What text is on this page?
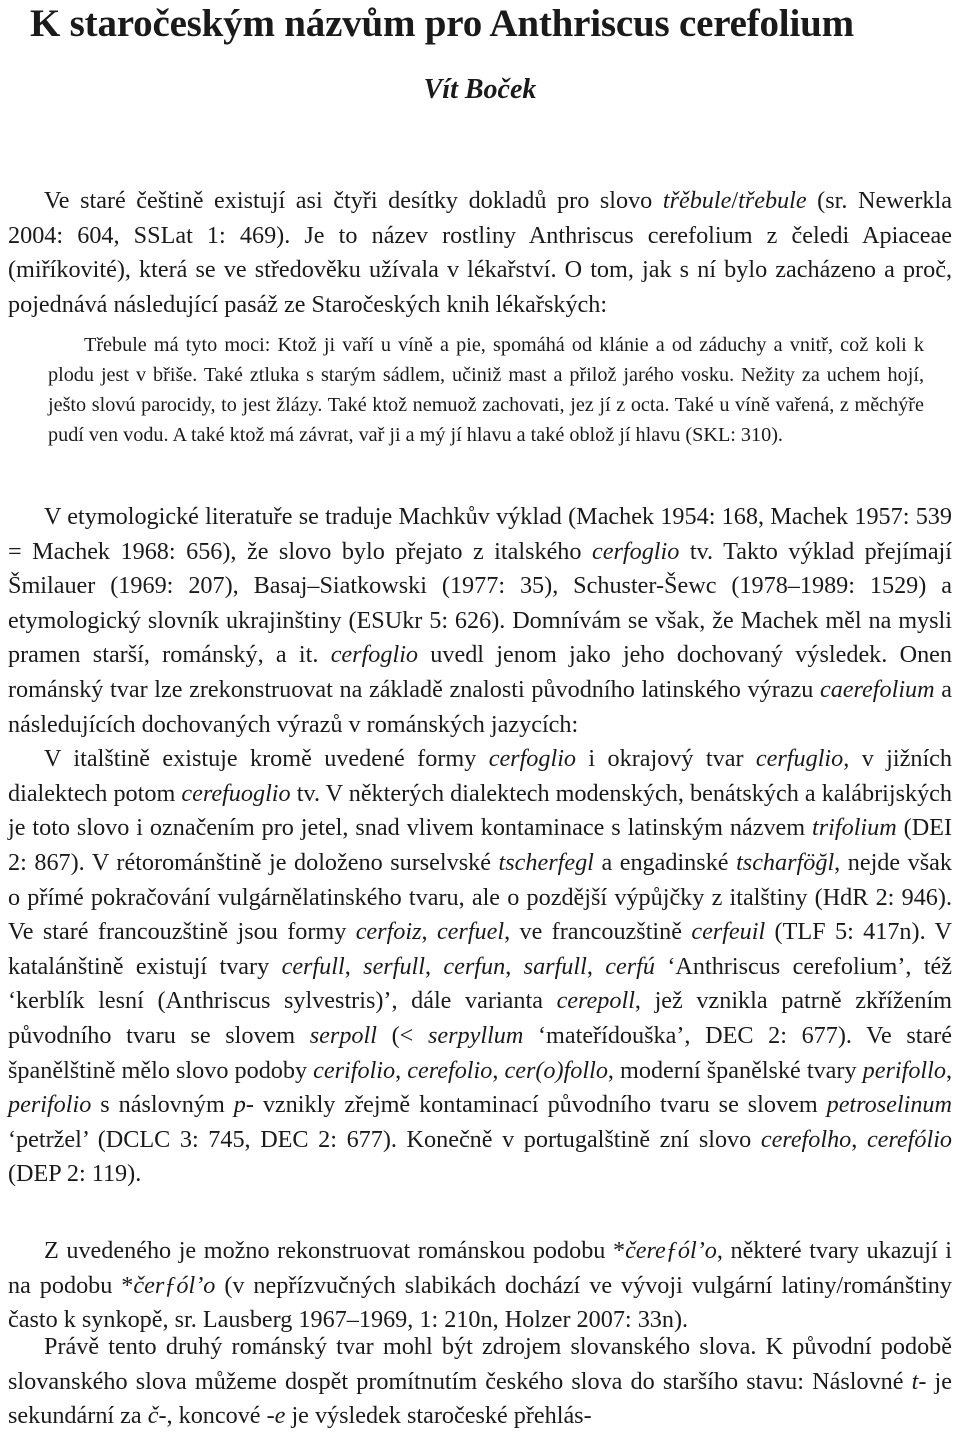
K staročeským názvům pro Anthriscus cerefolium
Vít Boček

Ve staré češtině existují asi čtyři desítky dokladů pro slovo třěbule/třebule (sr. Newerkla 2004: 604, SSLat 1: 469). Je to název rostliny Anthriscus cerefolium z čeledi Apiaceae (miříkovité), která se ve středověku užívala v lékařství. O tom, jak s ní bylo zacházeno a proč, pojednává následující pasáž ze Staročeských knih lékařských:

Třebule má tyto moci: Ktož ji vaří u víně a pie, spomáhá od klánie a od záduchy a vnitř, což koli k plodu jest v břiše. Také ztluka s starým sádlem, učiniž mast a přilož jarého vosku. Nežity za uchem hojí, ješto slovú parocidy, to jest žlázy. Také ktož nemuož zachovati, jez jí z octa. Také u víně vařená, z měchýře pudí ven vodu. A také ktož má závrat, vař ji a mý jí hlavu a také oblož jí hlavu (SKL: 310).

V etymologické literatuře se traduje Machkův výklad (Machek 1954: 168, Machek 1957: 539 = Machek 1968: 656), že slovo bylo přejato z italského cerfoglio tv. Takto výklad přejímají Šmilauer (1969: 207), Basaj–Siatkowski (1977: 35), Schuster-Šewc (1978–1989: 1529) a etymologický slovník ukrajinštiny (ESUkr 5: 626). Domnívám se však, že Machek měl na mysli pramen starší, románský, a it. cerfoglio uvedl jenom jako jeho dochovaný výsledek. Onen románský tvar lze zrekonstruovat na základě znalosti původního latinského výrazu caerefolium a následujících dochovaných výrazů v románských jazycích:
V italštině existuje kromě uvedené formy cerfoglio i okrajový tvar cerfuglio, v jižních dialektech potom cerefuoglio tv. V některých dialektech modenských, benátských a kalábrijských je toto slovo i označením pro jetel, snad vlivem kontaminace s latinským názvem trifolium (DEI 2: 867). V rétorománštině je doloženo surselvské tscherfegl a engadinské tscharföğl, nejde však o přímé pokračování vulgárnělatinského tvaru, ale o pozdější výpůjčky z italštiny (HdR 2: 946). Ve staré francouzštině jsou formy cerfoiz, cerfuel, ve francouzštině cerfeuil (TLF 5: 417n). V katalánštině existují tvary cerfull, serfull, cerfun, sarfull, cerfú ‘Anthriscus cerefolium’, též ‘kerblík lesní (Anthriscus sylvestris)’, dále varianta cerepoll, jež vznikla patrně zkřížením původního tvaru se slovem serpoll (< serpyllum ‘mateřídouška’, DEC 2: 677). Ve staré španělštině mělo slovo podoby cerifolio, cerefolio, cer(o)follo, moderní španělské tvary perifollo, perifolio s náslovným p- vznikly zřejmě kontaminací původního tvaru se slovem petroselinum ‘petržel’ (DCLC 3: 745, DEC 2: 677). Konečně v portugalštině zní slovo cerefolho, cerefólio (DEP 2: 119).

Z uvedeného je možno rekonstruovat románskou podobu *čereƒól’o, některé tvary ukazují i na podobu *čerƒól’o (v nepřízvučných slabikách dochází ve vývoji vulgární latiny/románštiny často k synkopě, sr. Lausberg 1967–1969, 1: 210n, Holzer 2007: 33n).

Právě tento druhý románský tvar mohl být zdrojem slovanského slova. K původní podobě slovanského slova můžeme dospět promítnutím českého slova do staršího stavu: Náslovné t- je sekundární za č-, koncové -e je výsledek staročeské přehlás-
